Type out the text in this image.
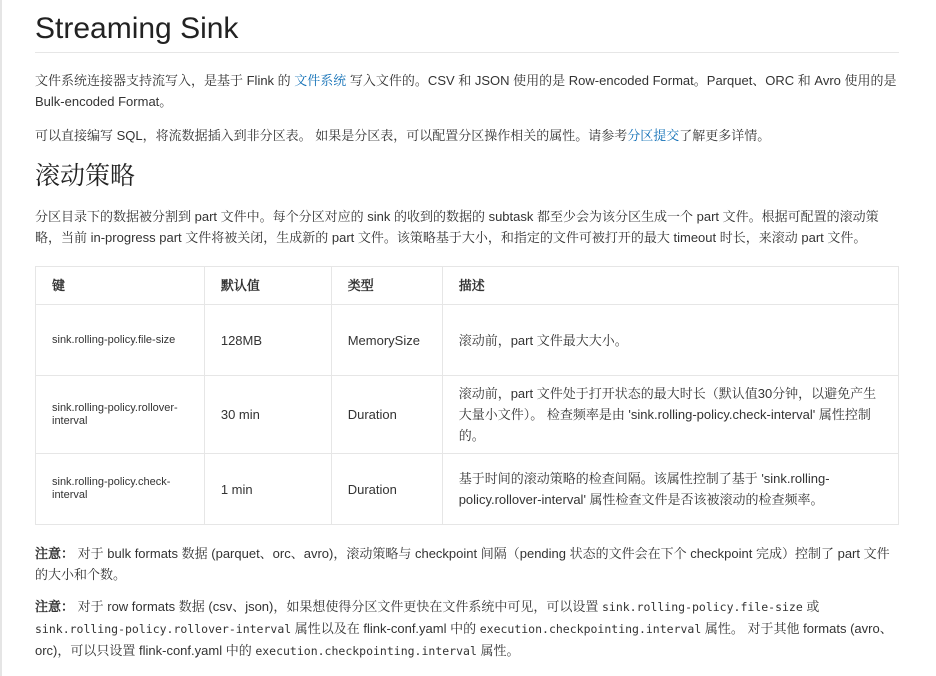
Streaming Sink

文件系统连接器支持流写入，是基于 Flink 的 文件系统 写入文件的。CSV 和 JSON 使用的是 Row-encoded Format。Parquet、ORC 和 Avro 使用的是 Bulk-encoded Format。

可以直接编写 SQL，将流数据插入到非分区表。 如果是分区表，可以配置分区操作相关的属性。请参考分区提交了解更多详情。

滚动策略

分区目录下的数据被分割到 part 文件中。每个分区对应的 sink 的收到的数据的 subtask 都至少会为该分区生成一个 part 文件。根据可配置的滚动策略，当前 in-progress part 文件将被关闭，生成新的 part 文件。该策略基于大小，和指定的文件可被打开的最大 timeout 时长，来滚动 part 文件。

键	默认值	类型	描述
sink.rolling-policy.file-size	128MB	MemorySize	滚动前，part 文件最大大小。
sink.rolling-policy.rollover-interval	30 min	Duration	滚动前，part 文件处于打开状态的最大时长（默认值30分钟，以避免产生大量小文件）。 检查频率是由 'sink.rolling-policy.check-interval' 属性控制的。
sink.rolling-policy.check-interval	1 min	Duration	基于时间的滚动策略的检查间隔。该属性控制了基于 'sink.rolling-policy.rollover-interval' 属性检查文件是否该被滚动的检查频率。

注意： 对于 bulk formats 数据 (parquet、orc、avro)，滚动策略与 checkpoint 间隔（pending 状态的文件会在下个 checkpoint 完成）控制了 part 文件的大小和个数。

注意： 对于 row formats 数据 (csv、json)，如果想使得分区文件更快在文件系统中可见，可以设置 sink.rolling-policy.file-size 或 sink.rolling-policy.rollover-interval 属性以及在 flink-conf.yaml 中的 execution.checkpointing.interval 属性。 对于其他 formats (avro、orc)，可以只设置 flink-conf.yaml 中的 execution.checkpointing.interval 属性。
